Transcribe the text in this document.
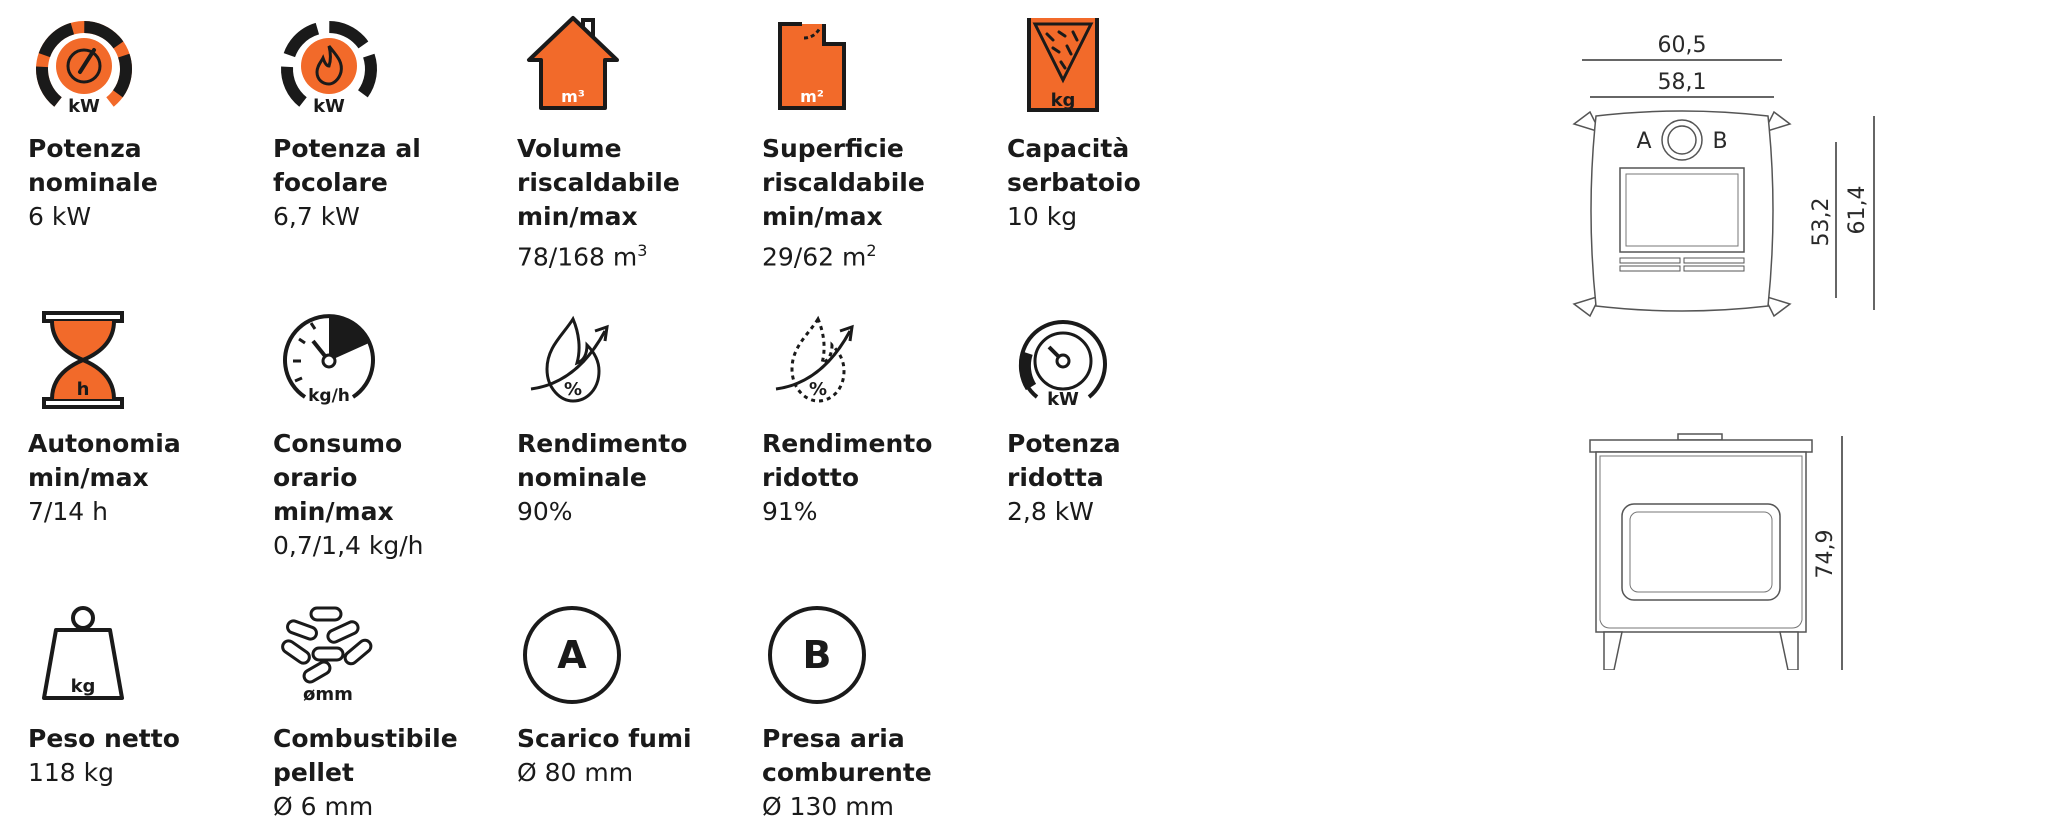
kW
Potenza
nominale
6 kW
kW
Potenza al
focolare
6,7 kW
m³
Volume
riscaldabile
min/max
78/168 $m^3$
m²
Superficie
riscaldabile
min/max
29/62 $m^2$
kg
Capacità
serbatoio
10 kg
h
Autonomia
min/max
7/14 h
kg/h
Consumo
orario
min/max
0,7/1,4 kg/h
%
Rendimento
nominale
90%
%
Rendimento
ridotto
91%
kW
Potenza
ridotta
2,8 kW
kg
Peso netto
118 kg
ømm
Combustibile
pellet
Ø 6 mm
A
Scarico fumi
Ø 80 mm
B
Presa aria
comburente
Ø 130 mm
60,5
58,1
A	B
53,2 61,4
74,9
